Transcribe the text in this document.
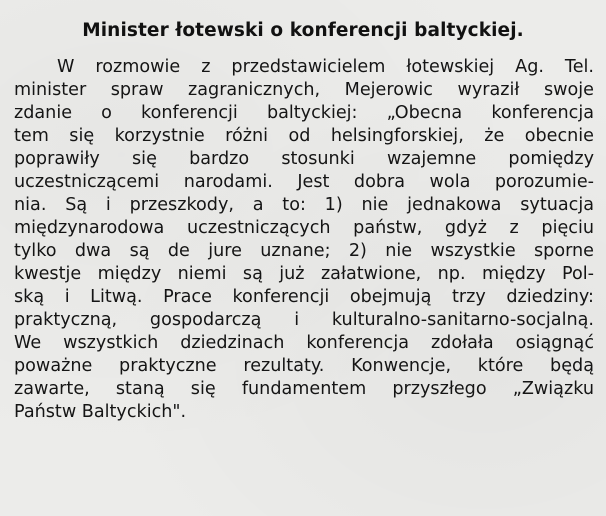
Minister łotewski o konferencji baltyckiej.
W rozmowie z przedstawicielem łotewskiej Ag. Tel.
minister spraw zagranicznych, Mejerowic wyraził swoje
zdanie o konferencji baltyckiej: „Obecna konferencja
tem się korzystnie różni od helsingforskiej, że obecnie
poprawiły się bardzo stosunki wzajemne pomiędzy
uczestniczącemi narodami. Jest dobra wola porozumie-
nia. Są i przeszkody, a to: 1) nie jednakowa sytuacja
międzynarodowa uczestniczących państw, gdyż z pięciu
tylko dwa są de jure uznane; 2) nie wszystkie sporne
kwestje między niemi są już załatwione, np. między Pol-
ską i Litwą. Prace konferencji obejmują trzy dziedziny:
praktyczną, gospodarczą i kulturalno-sanitarno-socjalną.
We wszystkich dziedzinach konferencja zdołała osiągnąć
poważne praktyczne rezultaty. Konwencje, które będą
zawarte, staną się fundamentem przyszłego „Związku
Państw Baltyckich".
